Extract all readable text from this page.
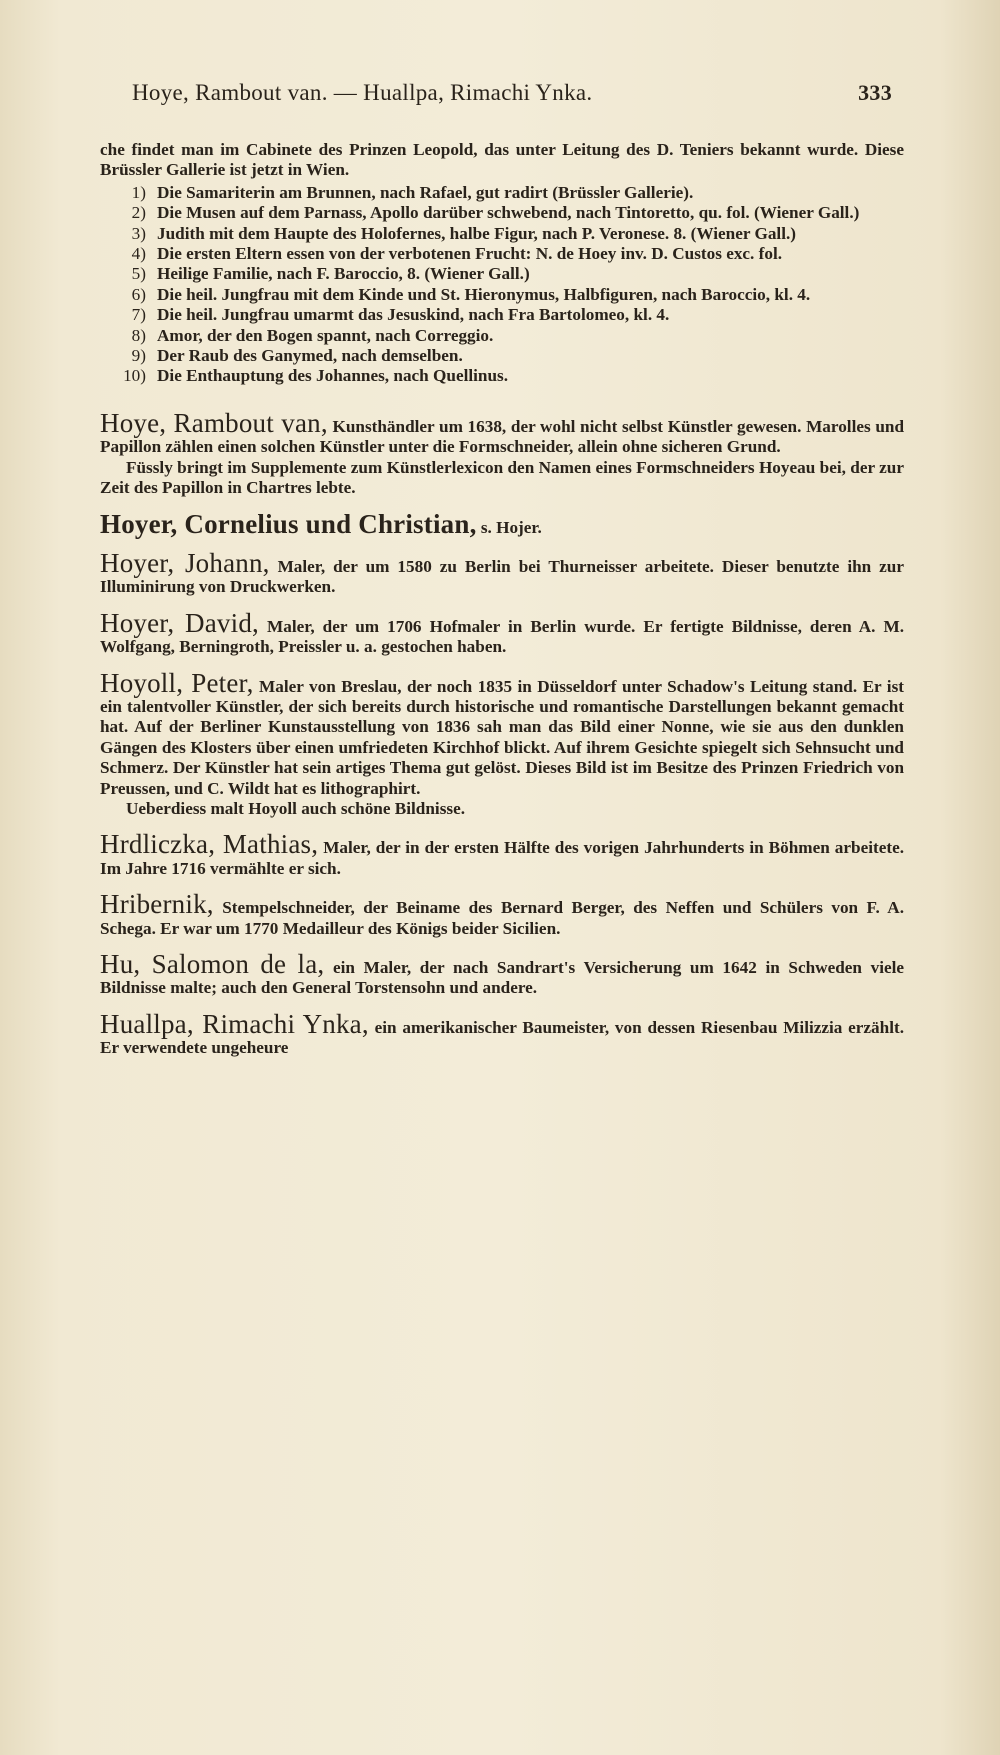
Hoye, Rambout van. — Huallpa, Rimachi Ynka.	333

che findet man im Cabinete des Prinzen Leopold, das unter Leitung des D. Teniers bekannt wurde. Diese Brüssler Gallerie ist jetzt in Wien.

1) Die Samariterin am Brunnen, nach Rafael, gut radirt (Brüssler Gallerie).

2) Die Musen auf dem Parnass, Apollo darüber schwebend, nach Tintoretto, qu. fol. (Wiener Gall.)

3) Judith mit dem Haupte des Holofernes, halbe Figur, nach P. Veronese. 8. (Wiener Gall.)

4) Die ersten Eltern essen von der verbotenen Frucht: N. de Hoey inv. D. Custos exc. fol.

5) Heilige Familie, nach F. Baroccio, 8. (Wiener Gall.)

6) Die heil. Jungfrau mit dem Kinde und St. Hieronymus, Halbfiguren, nach Baroccio, kl. 4.

7) Die heil. Jungfrau umarmt das Jesuskind, nach Fra Bartolomeo, kl. 4.

8) Amor, der den Bogen spannt, nach Correggio.

9) Der Raub des Ganymed, nach demselben.

10) Die Enthauptung des Johannes, nach Quellinus.

Hoye, Rambout van, Kunsthändler um 1638, der wohl nicht selbst Künstler gewesen. Marolles und Papillon zählen einen solchen Künstler unter die Formschneider, allein ohne sicheren Grund.

Füssly bringt im Supplemente zum Künstlerlexicon den Namen eines Formschneiders Hoyeau bei, der zur Zeit des Papillon in Chartres lebte.

Hoyer, Cornelius und Christian, s. Hojer.

Hoyer, Johann, Maler, der um 1580 zu Berlin bei Thurneisser arbeitete. Dieser benutzte ihn zur Illuminirung von Druckwerken.

Hoyer, David, Maler, der um 1706 Hofmaler in Berlin wurde. Er fertigte Bildnisse, deren A. M. Wolfgang, Berningroth, Preissler u. a. gestochen haben.

Hoyoll, Peter, Maler von Breslau, der noch 1835 in Düsseldorf unter Schadow's Leitung stand. Er ist ein talentvoller Künstler, der sich bereits durch historische und romantische Darstellungen bekannt gemacht hat. Auf der Berliner Kunstausstellung von 1836 sah man das Bild einer Nonne, wie sie aus den dunklen Gängen des Klosters über einen umfriedeten Kirchhof blickt. Auf ihrem Gesichte spiegelt sich Sehnsucht und Schmerz. Der Künstler hat sein artiges Thema gut gelöst. Dieses Bild ist im Besitze des Prinzen Friedrich von Preussen, und C. Wildt hat es lithographirt.

Ueberdiess malt Hoyoll auch schöne Bildnisse.

Hrdliczka, Mathias, Maler, der in der ersten Hälfte des vorigen Jahrhunderts in Böhmen arbeitete. Im Jahre 1716 vermählte er sich.

Hribernik, Stempelschneider, der Beiname des Bernard Berger, des Neffen und Schülers von F. A. Schega. Er war um 1770 Medailleur des Königs beider Sicilien.

Hu, Salomon de la, ein Maler, der nach Sandrart's Versicherung um 1642 in Schweden viele Bildnisse malte; auch den General Torstensohn und andere.

Huallpa, Rimachi Ynka, ein amerikanischer Baumeister, von dessen Riesenbau Milizzia erzählt. Er verwendete ungeheure
